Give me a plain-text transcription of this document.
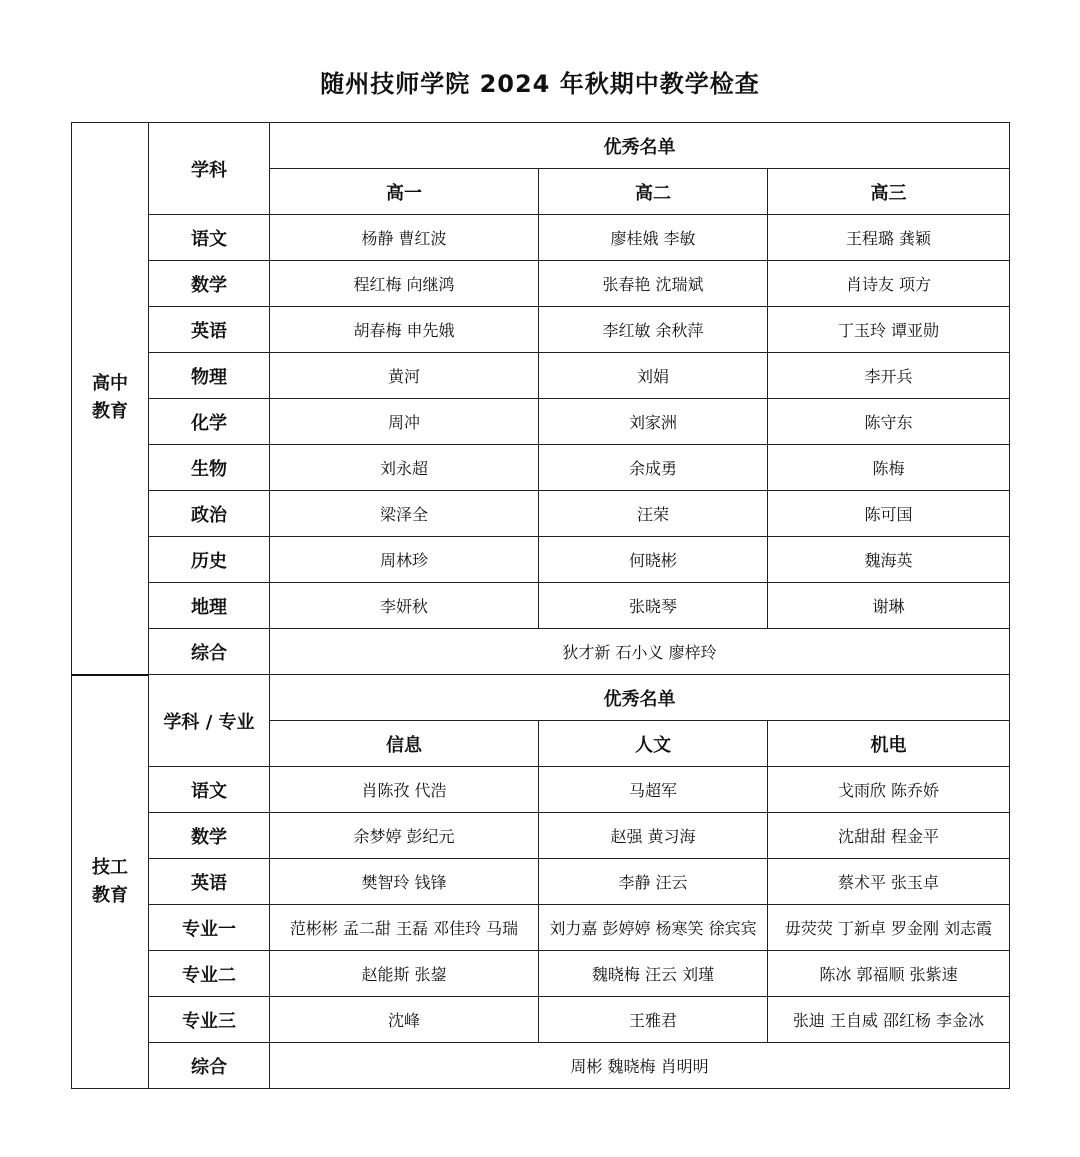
随州技师学院 2024 年秋期中教学检查
高中
教育	学科	优秀名单		
		高一	高二	高三
	语文	杨静 曹红波	廖桂娥 李敏	王程璐 龚颖
	数学	程红梅 向继鸿	张春艳 沈瑞斌	肖诗友 项方
	英语	胡春梅 申先娥	李红敏 余秋萍	丁玉玲 谭亚勋
	物理	黄河	刘娟	李开兵
	化学	周冲	刘家洲	陈守东
	生物	刘永超	余成勇	陈梅
	政治	梁泽全	汪荣	陈可国
	历史	周林珍	何晓彬	魏海英
	地理	李妍秋	张晓琴	谢琳
	综合	狄才新 石小义 廖梓玲		

技工
教育	学科 / 专业	优秀名单		
		信息	人文	机电
	语文	肖陈孜 代浩	马超军	戈雨欣 陈乔娇
	数学	余梦婷 彭纪元	赵强 黄习海	沈甜甜 程金平
	英语	樊智玲 钱锋	李静 汪云	蔡术平 张玉卓
	专业一	范彬彬 孟二甜 王磊 邓佳玲 马瑞	刘力嘉 彭婷婷 杨寒笑 徐宾宾	毋荧荧 丁新卓 罗金刚 刘志霞
	专业二	赵能斯 张鋆	魏晓梅 汪云 刘瑾	陈冰 郭福顺 张紫速
	专业三	沈峰	王雅君	张迪 王自威 邵红杨 李金冰
	综合	周彬 魏晓梅 肖明明		
